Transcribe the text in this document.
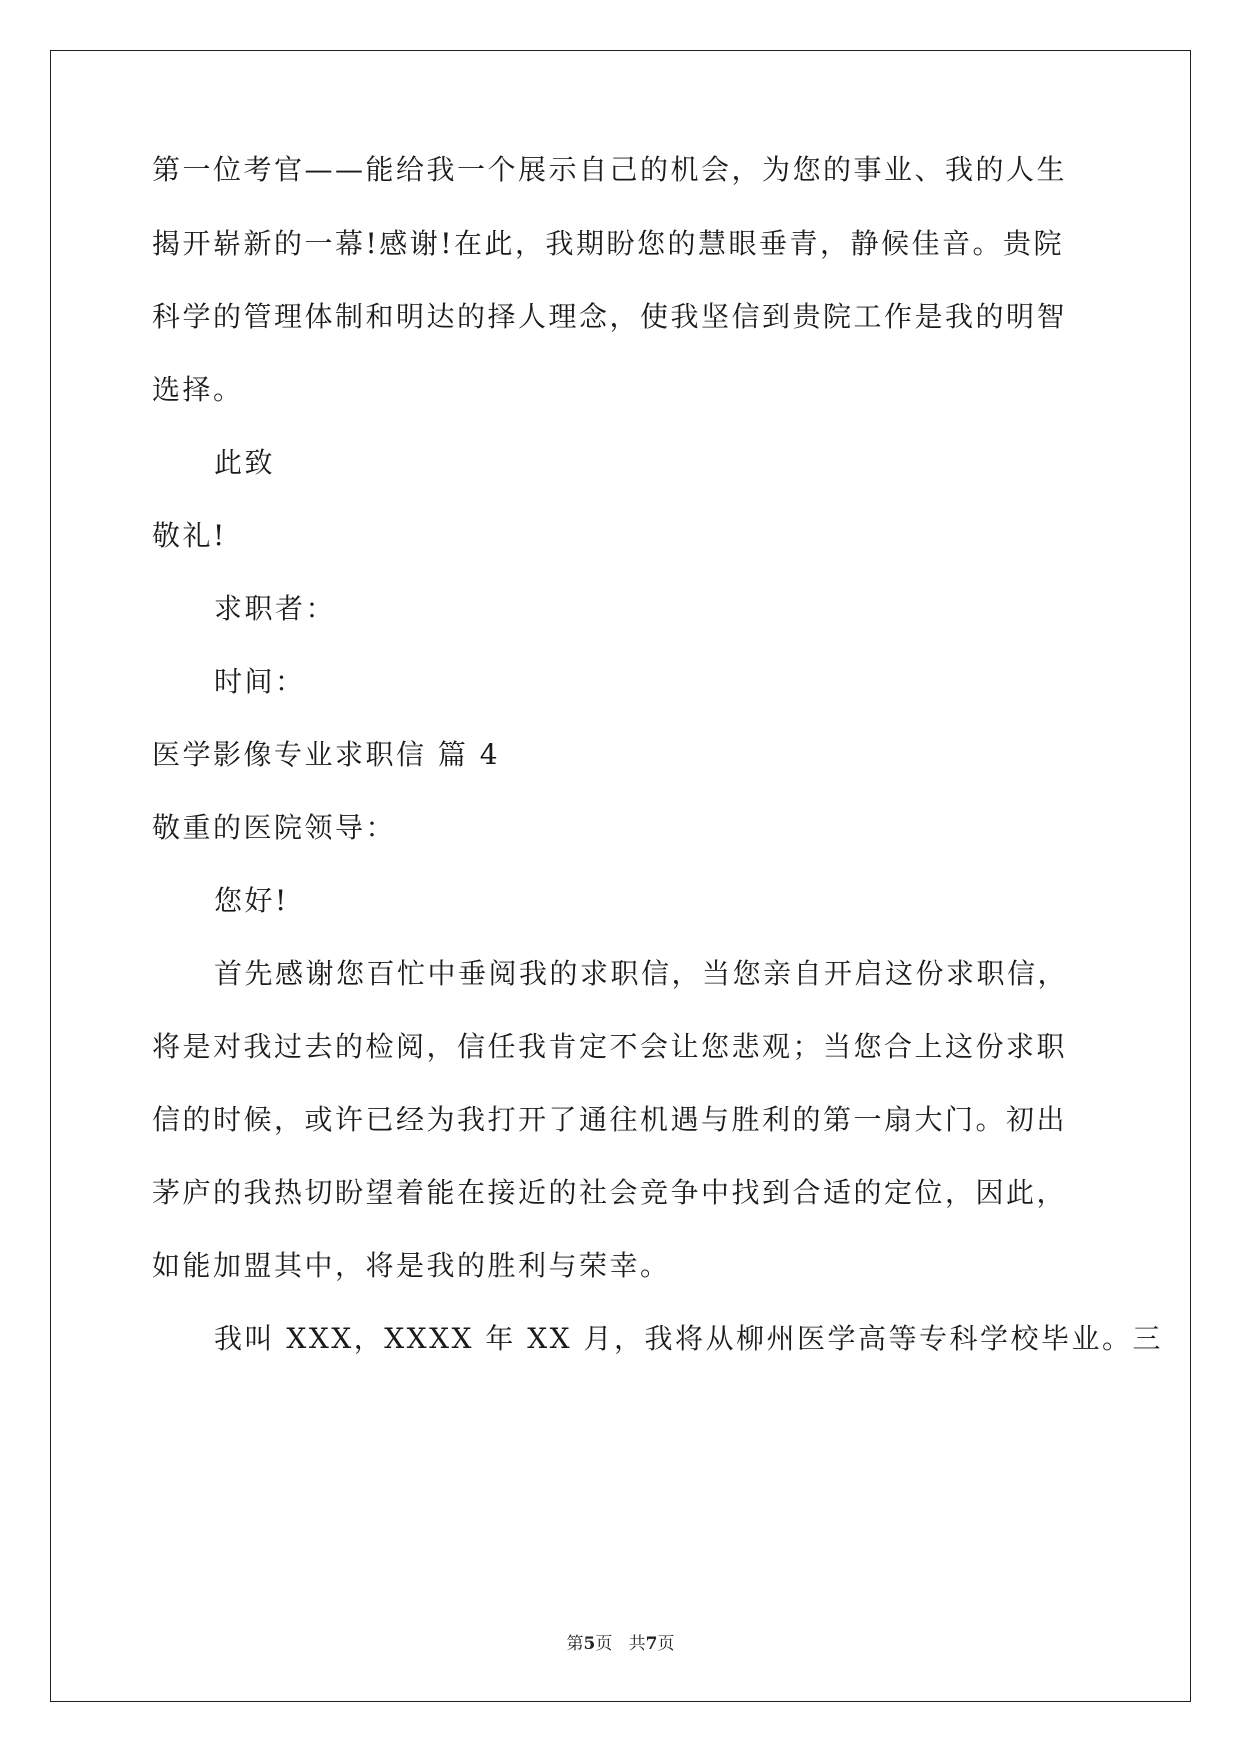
第一位考官——能给我一个展示自己的机会，为您的事业、我的人生
揭开崭新的一幕!感谢!在此，我期盼您的慧眼垂青，静候佳音。贵院
科学的管理体制和明达的择人理念，使我坚信到贵院工作是我的明智
选择。
此致
敬礼!
求职者：
时间：
医学影像专业求职信 篇 4
敬重的医院领导：
您好!
首先感谢您百忙中垂阅我的求职信，当您亲自开启这份求职信，
将是对我过去的检阅，信任我肯定不会让您悲观；当您合上这份求职
信的时候，或许已经为我打开了通往机遇与胜利的第一扇大门。初出
茅庐的我热切盼望着能在接近的社会竞争中找到合适的定位，因此，
如能加盟其中，将是我的胜利与荣幸。
我叫 XXX，XXXX 年 XX 月，我将从柳州医学高等专科学校毕业。三
第5页 共7页
